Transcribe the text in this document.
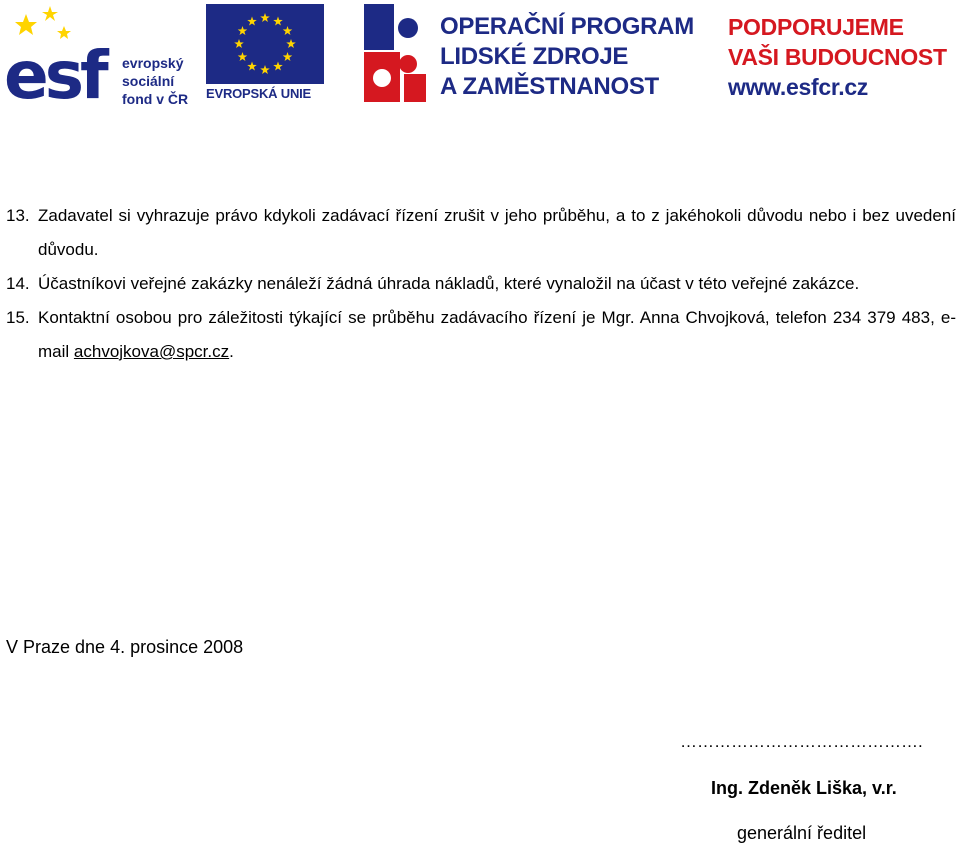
esf	evropský
sociální
fond v ČR EVROPSKÁ UNIE
OPERAČNÍ PROGRAM
LIDSKÉ ZDROJE
A ZAMĚSTNANOST
PODPORUJEME
VAŠI BUDOUCNOST
www.esfcr.cz
13. Zadavatel si vyhrazuje právo kdykoli zadávací řízení zrušit v jeho průběhu, a to z jakéhokoli důvodu nebo i bez uvedení důvodu.
14. Účastníkovi veřejné zakázky nenáleží žádná úhrada nákladů, které vynaložil na účast v této veřejné zakázce.
15. Kontaktní osobou pro záležitosti týkající se průběhu zadávacího řízení je Mgr. Anna Chvojková, telefon 234 379 483, e-mail achvojkova@spcr.cz.
V Praze dne 4. prosince 2008
…………………………………….
Ing. Zdeněk Liška, v.r.
generální ředitel
